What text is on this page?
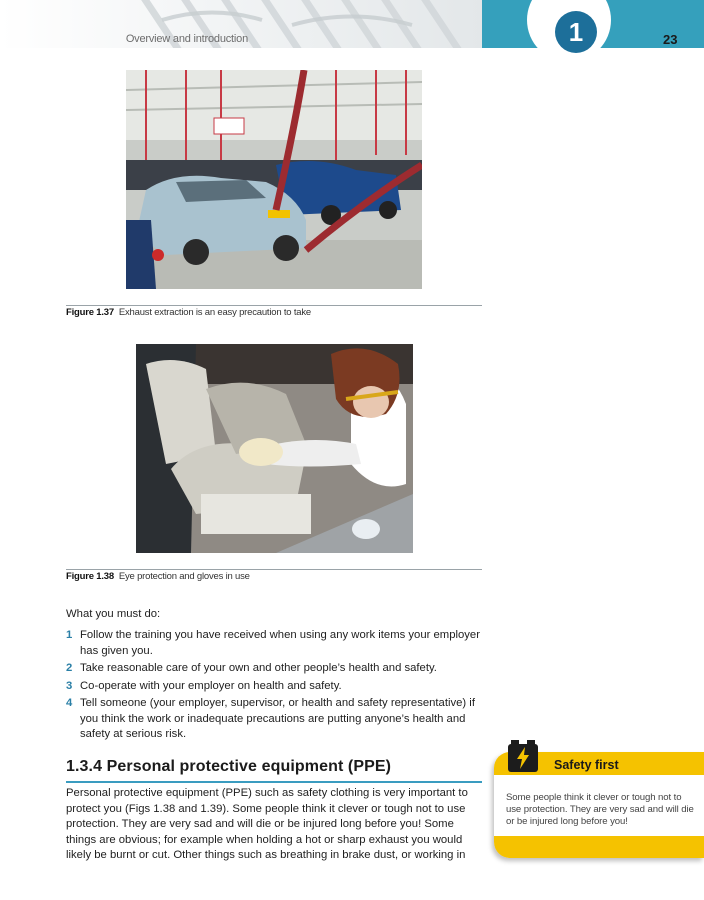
Overview and introduction	1	23
Figure 1.37 Exhaust extraction is an easy precaution to take
Figure 1.38 Eye protection and gloves in use
What you must do:
1 Follow the training you have received when using any work items your employer has given you.
2 Take reasonable care of your own and other people’s health and safety.
3 Co-operate with your employer on health and safety.
4 Tell someone (your employer, supervisor, or health and safety representative) if you think the work or inadequate precautions are putting anyone’s health and safety at serious risk.
1.3.4 Personal protective equipment (PPE)
Personal protective equipment (PPE) such as safety clothing is very important to protect you (Figs 1.38 and 1.39). Some people think it clever or tough not to use protection. They are very sad and will die or be injured long before you! Some things are obvious; for example when holding a hot or sharp exhaust you would likely be burnt or cut. Other things such as breathing in brake dust, or working in
Some people think it clever or tough not to use protection. They are very sad and will die or be injured long before you!
Safety first
